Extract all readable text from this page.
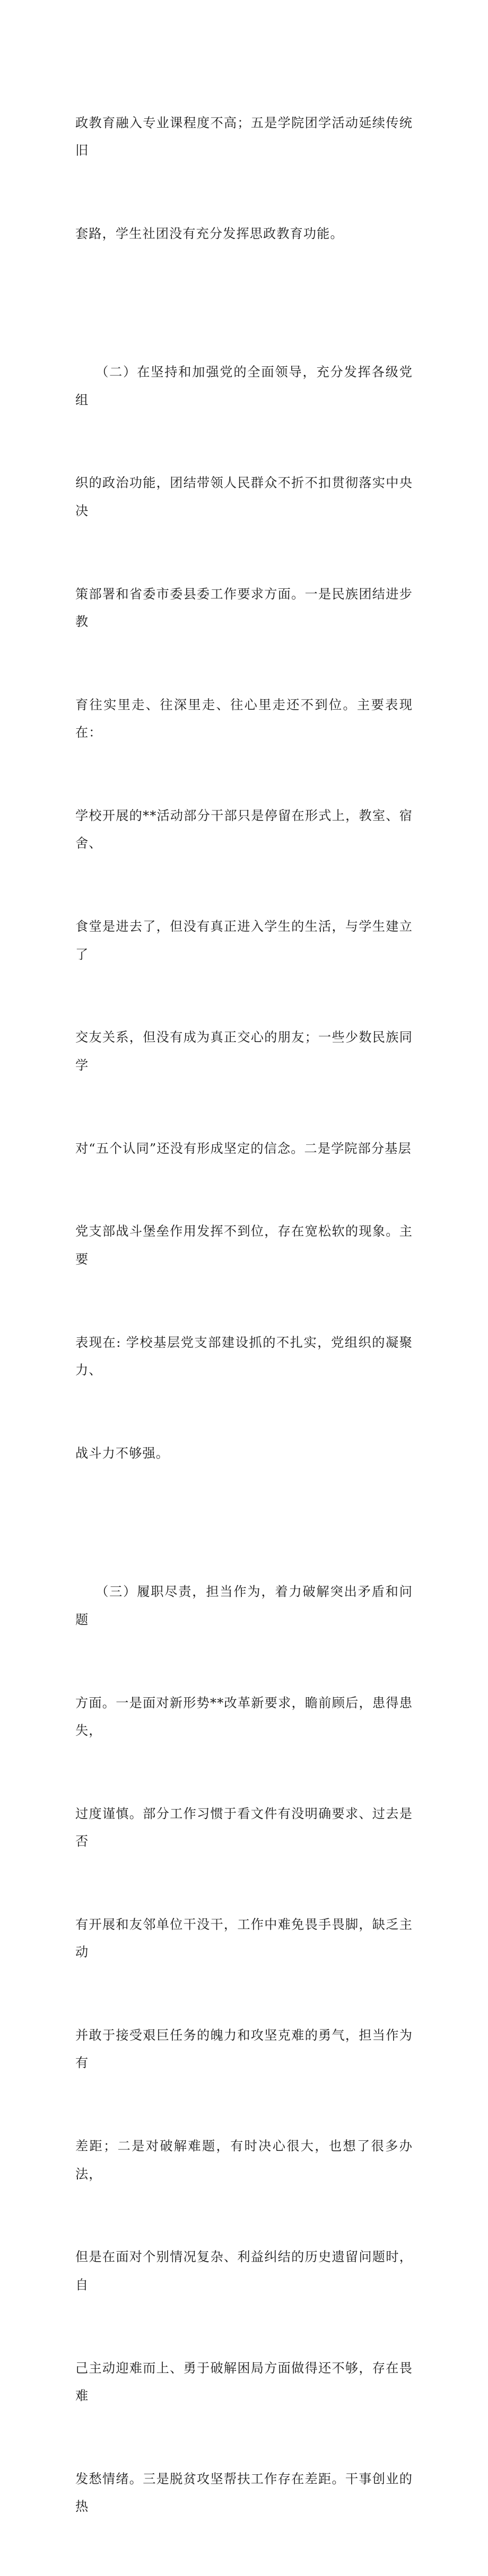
政教育融入专业课程度不高；五是学院团学活动延续传统旧

套路，学生社团没有充分发挥思政教育功能。

（二）在坚持和加强党的全面领导，充分发挥各级党组

织的政治功能，团结带领人民群众不折不扣贯彻落实中央决

策部署和省委市委县委工作要求方面。一是民族团结进步教

育往实里走、往深里走、往心里走还不到位。主要表现在：

学校开展的**活动部分干部只是停留在形式上，教室、宿舍、

食堂是进去了，但没有真正进入学生的生活，与学生建立了

交友关系，但没有成为真正交心的朋友；一些少数民族同学

对“五个认同”还没有形成坚定的信念。二是学院部分基层

党支部战斗堡垒作用发挥不到位，存在宽松软的现象。主要

表现在: 学校基层党支部建设抓的不扎实，党组织的凝聚力、

战斗力不够强。

（三）履职尽责，担当作为，着力破解突出矛盾和问题

方面。一是面对新形势**改革新要求，瞻前顾后，患得患失，

过度谨慎。部分工作习惯于看文件有没明确要求、过去是否

有开展和友邻单位干没干，工作中难免畏手畏脚，缺乏主动

并敢于接受艰巨任务的魄力和攻坚克难的勇气，担当作为有

差距；二是对破解难题，有时决心很大，也想了很多办法，

但是在面对个别情况复杂、利益纠结的历史遗留问题时，自

己主动迎难而上、勇于破解困局方面做得还不够，存在畏难

发愁情绪。三是脱贫攻坚帮扶工作存在差距。干事创业的热
